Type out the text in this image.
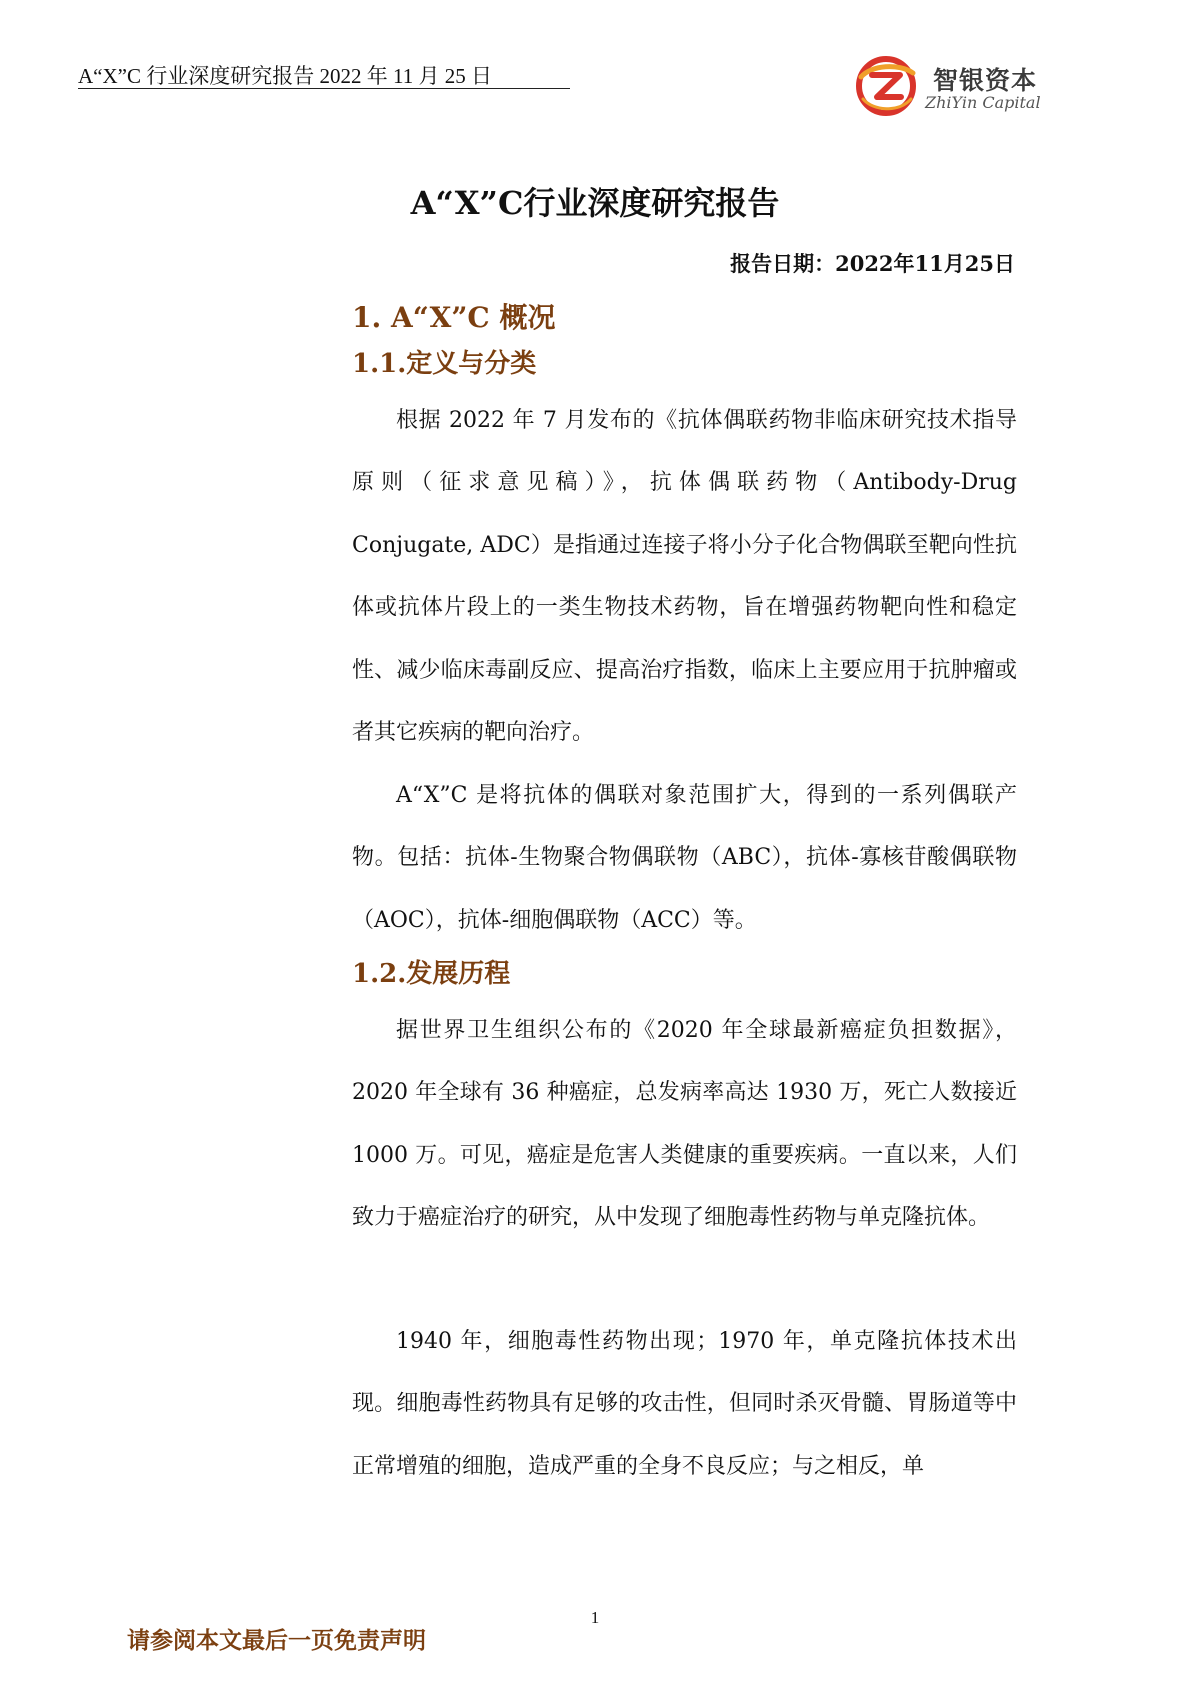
A“X”C 行业深度研究报告 2022 年 11 月 25 日	智银资本
ZhiYin Capital
A“X”C行业深度研究报告
报告日期：2022年11月25日
1. A“X”C 概况
1.1.定义与分类

根据 2022 年 7 月发布的《抗体偶联药物非临床研究技术指导原则（征求意见稿）》，抗体偶联药物（Antibody-Drug Conjugate, ADC）是指通过连接子将小分子化合物偶联至靶向性抗体或抗体片段上的一类生物技术药物，旨在增强药物靶向性和稳定性、减少临床毒副反应、提高治疗指数，临床上主要应用于抗肿瘤或者其它疾病的靶向治疗。

A“X”C 是将抗体的偶联对象范围扩大，得到的一系列偶联产物。包括：抗体-生物聚合物偶联物（ABC），抗体-寡核苷酸偶联物（AOC），抗体-细胞偶联物（ACC）等。

1.2.发展历程

据世界卫生组织公布的《2020 年全球最新癌症负担数据》，2020 年全球有 36 种癌症，总发病率高达 1930 万，死亡人数接近 1000 万。可见，癌症是危害人类健康的重要疾病。一直以来，人们致力于癌症治疗的研究，从中发现了细胞毒性药物与单克隆抗体。

1940 年，细胞毒性药物出现；1970 年，单克隆抗体技术出现。细胞毒性药物具有足够的攻击性，但同时杀灭骨髓、胃肠道等中正常增殖的细胞，造成严重的全身不良反应；与之相反，单

1
请参阅本文最后一页免责声明
